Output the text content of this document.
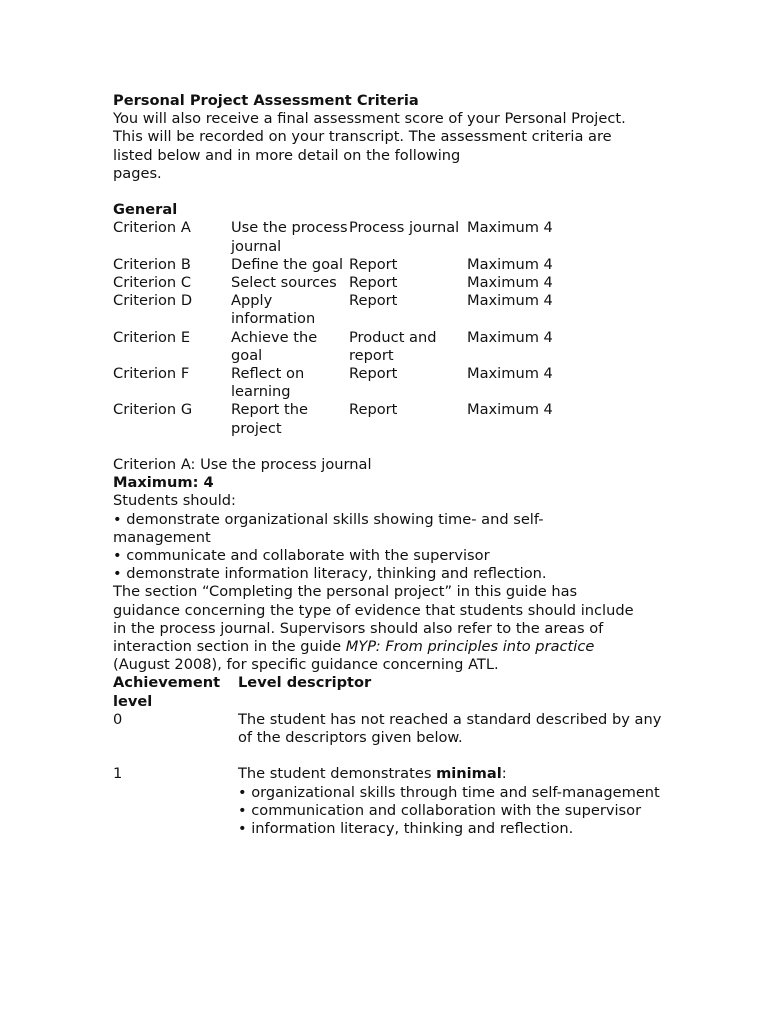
Personal Project Assessment Criteria
You will also receive a final assessment score of your Personal Project.
This will be recorded on your transcript. The assessment criteria are
listed below and in more detail on the following
pages.
General
Criterion A	Use the process journal	Process journal	Maximum 4
Criterion B	Define the goal	Report	Maximum 4
Criterion C	Select sources	Report	Maximum 4
Criterion D	Apply information	Report	Maximum 4
Criterion E	Achieve the goal	Product and report	Maximum 4
Criterion F	Reflect on learning	Report	Maximum 4
Criterion G	Report the project	Report	Maximum 4
Criterion A: Use the process journal
Maximum: 4
Students should:
• demonstrate organizational skills showing time- and self-
management
• communicate and collaborate with the supervisor
• demonstrate information literacy, thinking and reflection.
The section “Completing the personal project” in this guide has
guidance concerning the type of evidence that students should include
in the process journal. Supervisors should also refer to the areas of
interaction section in the guide MYP: From principles into practice
(August 2008), for specific guidance concerning ATL.
Achievement
level	Level descriptor
0	The student has not reached a standard described by any
of the descriptors given below.

1	The student demonstrates minimal:
• organizational skills through time and self-management
• communication and collaboration with the supervisor
• information literacy, thinking and reflection.
